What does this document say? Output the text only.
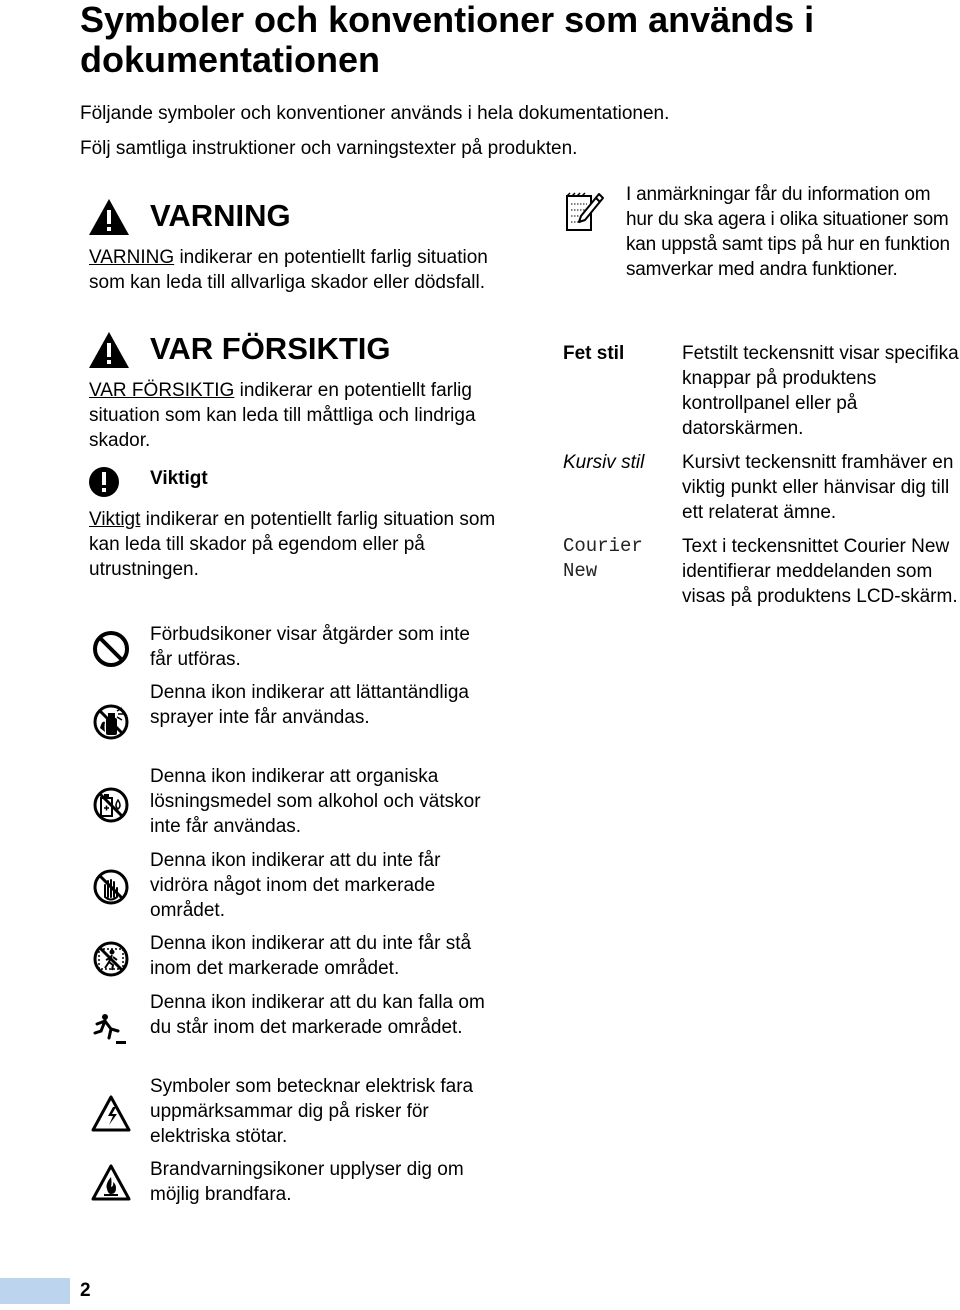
Symboler och konventioner som används i dokumentationen
Följande symboler och konventioner används i hela dokumentationen.
Följ samtliga instruktioner och varningstexter på produkten.
VARNING
VARNING indikerar en potentiellt farlig situation som kan leda till allvarliga skador eller dödsfall.
VAR FÖRSIKTIG
VAR FÖRSIKTIG indikerar en potentiellt farlig situation som kan leda till måttliga och lindriga skador.
Viktigt
Viktigt indikerar en potentiellt farlig situation som kan leda till skador på egendom eller på utrustningen.
Förbudsikoner visar åtgärder som inte får utföras.
Denna ikon indikerar att lättantändliga sprayer inte får användas.
Denna ikon indikerar att organiska lösningsmedel som alkohol och vätskor inte får användas.
Denna ikon indikerar att du inte får vidröra något inom det markerade området.
Denna ikon indikerar att du inte får stå inom det markerade området.
Denna ikon indikerar att du kan falla om du står inom det markerade området.
Symboler som betecknar elektrisk fara uppmärksammar dig på risker för elektriska stötar.
Brandvarningsikoner upplyser dig om möjlig brandfara.
I anmärkningar får du information om hur du ska agera i olika situationer som kan uppstå samt tips på hur en funktion samverkar med andra funktioner.
Fet stil	Fetstilt teckensnitt visar specifika knappar på produktens kontrollpanel eller på datorskärmen.
Kursiv stil Kursivt teckensnitt framhäver en viktig punkt eller hänvisar dig till ett relaterat ämne.
Courier New
Text i teckensnittet Courier New identifierar meddelanden som visas på produktens LCD-skärm.
2
